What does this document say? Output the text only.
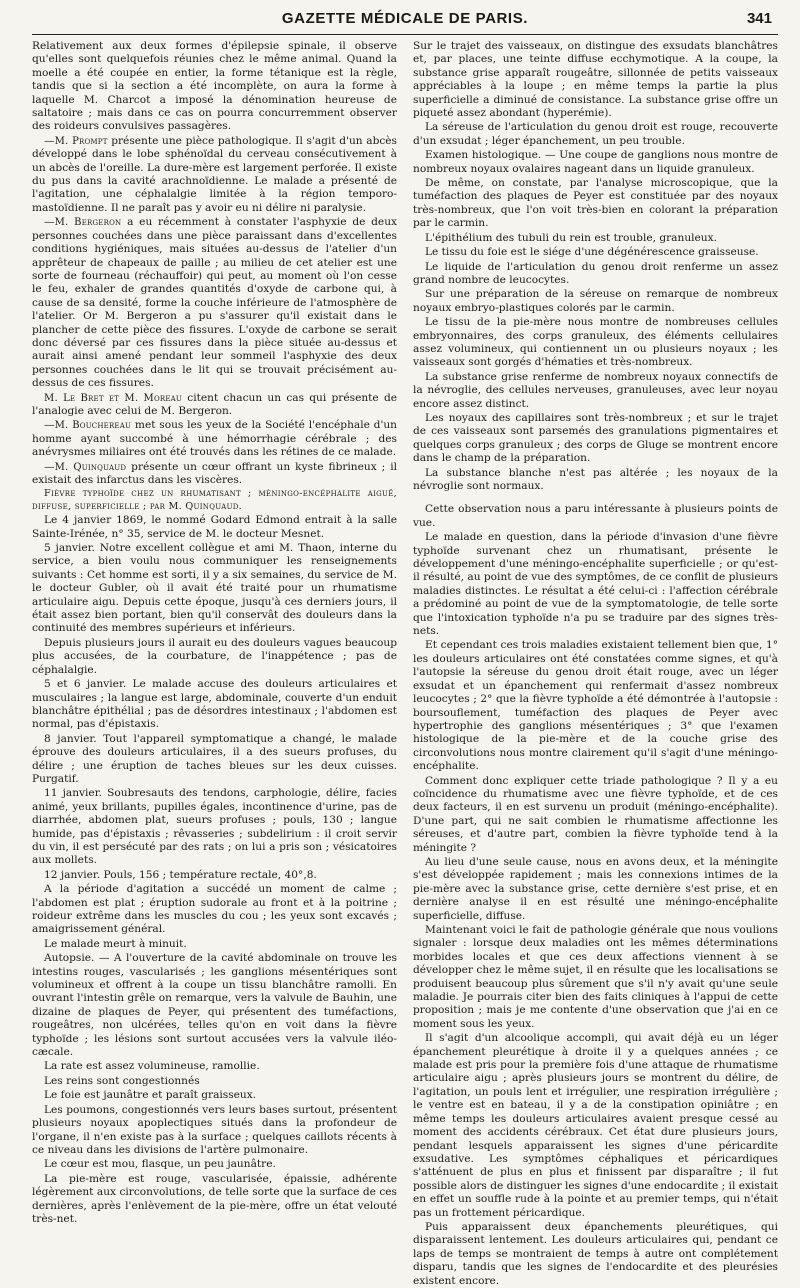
GAZETTE MÉDICALE DE PARIS.	341

Relativement aux deux formes d'épilepsie spinale, il observe qu'elles sont quelquefois réunies chez le même animal. Quand la moelle a été coupée en entier, la forme tétanique est la règle, tandis que si la section a été incomplète, on aura la forme à laquelle M. Charcot a imposé la dénomination heureuse de saltatoire ; mais dans ce cas on pourra concurremment observer des roideurs convulsives passagères.

—M. Prompt présente une pièce pathologique. Il s'agit d'un abcès développé dans le lobe sphénoïdal du cerveau consécutivement à un abcès de l'oreille. La dure-mère est largement perforée. Il existe du pus dans la cavité arachnoïdienne. Le malade a présenté de l'agitation, une céphalalgie limitée à la région temporo-mastoïdienne. Il ne paraît pas y avoir eu ni délire ni paralysie.

—M. Bergeron a eu récemment à constater l'asphyxie de deux personnes couchées dans une pièce paraissant dans d'excellentes conditions hygiéniques, mais situées au-dessus de l'atelier d'un apprêteur de chapeaux de paille ; au milieu de cet atelier est une sorte de fourneau (réchauffoir) qui peut, au moment où l'on cesse le feu, exhaler de grandes quantités d'oxyde de carbone qui, à cause de sa densité, forme la couche inférieure de l'atmosphère de l'atelier. Or M. Bergeron a pu s'assurer qu'il existait dans le plancher de cette pièce des fissures. L'oxyde de carbone se serait donc déversé par ces fissures dans la pièce située au-dessus et aurait ainsi amené pendant leur sommeil l'asphyxie des deux personnes couchées dans le lit qui se trouvait précisément au-dessus de ces fissures.

M. Le Bret et M. Moreau citent chacun un cas qui présente de l'analogie avec celui de M. Bergeron.

—M. Bouchereau met sous les yeux de la Société l'encéphale d'un homme ayant succombé à une hémorrhagie cérébrale ; des anévrysmes miliaires ont été trouvés dans les rétines de ce malade.

—M. Quinquaud présente un cœur offrant un kyste fibrineux ; il existait des infarctus dans les viscères.

Fièvre typhoïde chez un rhumatisant ; méningo-encéphalite aiguë, diffuse, superficielle ; par M. Quinquaud.

Le 4 janvier 1869, le nommé Godard Edmond entrait à la salle Sainte-Irénée, n° 35, service de M. le docteur Mesnet.

5 janvier. Notre excellent collègue et ami M. Thaon, interne du service, a bien voulu nous communiquer les renseignements suivants : Cet homme est sorti, il y a six semaines, du service de M. le docteur Gubler, où il avait été traité pour un rhumatisme articulaire aigu. Depuis cette époque, jusqu'à ces derniers jours, il était assez bien portant, bien qu'il conservât des douleurs dans la continuité des membres supérieurs et inférieurs.

Depuis plusieurs jours il aurait eu des douleurs vagues beaucoup plus accusées, de la courbature, de l'inappétence ; pas de céphalalgie.

5 et 6 janvier. Le malade accuse des douleurs articulaires et musculaires ; la langue est large, abdominale, couverte d'un enduit blanchâtre épithélial ; pas de désordres intestinaux ; l'abdomen est normal, pas d'épistaxis.

8 janvier. Tout l'appareil symptomatique a changé, le malade éprouve des douleurs articulaires, il a des sueurs profuses, du délire ; une éruption de taches bleues sur les deux cuisses. Purgatif.

11 janvier. Soubresauts des tendons, carphologie, délire, facies animé, yeux brillants, pupilles égales, incontinence d'urine, pas de diarrhée, abdomen plat, sueurs profuses ; pouls, 130 ; langue humide, pas d'épistaxis ; rêvasseries ; subdelirium : il croit servir du vin, il est persécuté par des rats ; on lui a pris son ; vésicatoires aux mollets.

12 janvier. Pouls, 156 ; température rectale, 40°,8.

A la période d'agitation a succédé un moment de calme ; l'abdomen est plat ; éruption sudorale au front et à la poitrine ; roideur extrême dans les muscles du cou ; les yeux sont excavés ; amaigrissement général.

Le malade meurt à minuit.

Autopsie. — A l'ouverture de la cavité abdominale on trouve les intestins rouges, vascularisés ; les ganglions mésentériques sont volumineux et offrent à la coupe un tissu blanchâtre ramolli. En ouvrant l'intestin grêle on remarque, vers la valvule de Bauhin, une dizaine de plaques de Peyer, qui présentent des tuméfactions, rougeâtres, non ulcérées, telles qu'on en voit dans la fièvre typhoïde ; les lésions sont surtout accusées vers la valvule iléo-cæcale.

La rate est assez volumineuse, ramollie.

Les reins sont congestionnés

Le foie est jaunâtre et paraît graisseux.

Les poumons, congestionnés vers leurs bases surtout, présentent plusieurs noyaux apoplectiques situés dans la profondeur de l'organe, il n'en existe pas à la surface ; quelques caillots récents à ce niveau dans les divisions de l'artère pulmonaire.

Le cœur est mou, flasque, un peu jaunâtre.

La pie-mère est rouge, vascularisée, épaissie, adhérente légèrement aux circonvolutions, de telle sorte que la surface de ces dernières, après l'enlèvement de la pie-mère, offre un état velouté très-net.

Sur le trajet des vaisseaux, on distingue des exsudats blanchâtres et, par places, une teinte diffuse ecchymotique. A la coupe, la substance grise apparaît rougeâtre, sillonnée de petits vaisseaux appréciables à la loupe ; en même temps la partie la plus superficielle a diminué de consistance. La substance grise offre un piqueté assez abondant (hyperémie).

La séreuse de l'articulation du genou droit est rouge, recouverte d'un exsudat ; léger épanchement, un peu trouble.

Examen histologique. — Une coupe de ganglions nous montre de nombreux noyaux ovalaires nageant dans un liquide granuleux.

De même, on constate, par l'analyse microscopique, que la tuméfaction des plaques de Peyer est constituée par des noyaux très-nombreux, que l'on voit très-bien en colorant la préparation par le carmin.

L'épithélium des tubuli du rein est trouble, granuleux.

Le tissu du foie est le siége d'une dégénérescence graisseuse.

Le liquide de l'articulation du genou droit renferme un assez grand nombre de leucocytes.

Sur une préparation de la séreuse on remarque de nombreux noyaux embryo-plastiques colorés par le carmin.

Le tissu de la pie-mère nous montre de nombreuses cellules embryonnaires, des corps granuleux, des éléments cellulaires assez volumineux, qui contiennent un ou plusieurs noyaux ; les vaisseaux sont gorgés d'hématies et très-nombreux.

La substance grise renferme de nombreux noyaux connectifs de la névroglie, des cellules nerveuses, granuleuses, avec leur noyau encore assez distinct.

Les noyaux des capillaires sont très-nombreux ; et sur le trajet de ces vaisseaux sont parsemés des granulations pigmentaires et quelques corps granuleux ; des corps de Gluge se montrent encore dans le champ de la préparation.

La substance blanche n'est pas altérée ; les noyaux de la névroglie sont normaux.

Cette observation nous a paru intéressante à plusieurs points de vue.

Le malade en question, dans la période d'invasion d'une fièvre typhoïde survenant chez un rhumatisant, présente le développement d'une méningo-encéphalite superficielle ; or qu'est-il résulté, au point de vue des symptômes, de ce conflit de plusieurs maladies distinctes. Le résultat a été celui-ci : l'affection cérébrale a prédominé au point de vue de la symptomatologie, de telle sorte que l'intoxication typhoïde n'a pu se traduire par des signes très-nets.

Et cependant ces trois maladies existaient tellement bien que, 1° les douleurs articulaires ont été constatées comme signes, et qu'à l'autopsie la séreuse du genou droit était rouge, avec un léger exsudat et un épanchement qui renfermait d'assez nombreux leucocytes ; 2° que la fièvre typhoïde a été démontrée à l'autopsie : boursouflement, tuméfaction des plaques de Peyer avec hypertrophie des ganglions mésentériques ; 3° que l'examen histologique de la pie-mère et de la couche grise des circonvolutions nous montre clairement qu'il s'agit d'une méningo-encéphalite.

Comment donc expliquer cette triade pathologique ? Il y a eu coïncidence du rhumatisme avec une fièvre typhoïde, et de ces deux facteurs, il en est survenu un produit (méningo-encéphalite). D'une part, qui ne sait combien le rhumatisme affectionne les séreuses, et d'autre part, combien la fièvre typhoïde tend à la méningite ?

Au lieu d'une seule cause, nous en avons deux, et la méningite s'est développée rapidement ; mais les connexions intimes de la pie-mère avec la substance grise, cette dernière s'est prise, et en dernière analyse il en est résulté une méningo-encéphalite superficielle, diffuse.

Maintenant voici le fait de pathologie générale que nous voulions signaler : lorsque deux maladies ont les mêmes déterminations morbides locales et que ces deux affections viennent à se développer chez le même sujet, il en résulte que les localisations se produisent beaucoup plus sûrement que s'il n'y avait qu'une seule maladie. Je pourrais citer bien des faits cliniques à l'appui de cette proposition ; mais je me contente d'une observation que j'ai en ce moment sous les yeux.

Il s'agit d'un alcoolique accompli, qui avait déjà eu un léger épanchement pleurétique à droite il y a quelques années ; ce malade est pris pour la première fois d'une attaque de rhumatisme articulaire aigu ; après plusieurs jours se montrent du délire, de l'agitation, un pouls lent et irrégulier, une respiration irrégulière ; le ventre est en bateau, il y a de la constipation opiniâtre ; en même temps les douleurs articulaires avaient presque cessé au moment des accidents cérébraux. Cet état dure plusieurs jours, pendant lesquels apparaissent les signes d'une péricardite exsudative. Les symptômes céphaliques et péricardiques s'atténuent de plus en plus et finissent par disparaître ; il fut possible alors de distinguer les signes d'une endocardite ; il existait en effet un souffle rude à la pointe et au premier temps, qui n'était pas un frottement péricardique.

Puis apparaissent deux épanchements pleurétiques, qui disparaissent lentement. Les douleurs articulaires qui, pendant ce laps de temps se montraient de temps à autre ont complétement disparu, tandis que les signes de l'endocardite et des pleurésies existent encore.
